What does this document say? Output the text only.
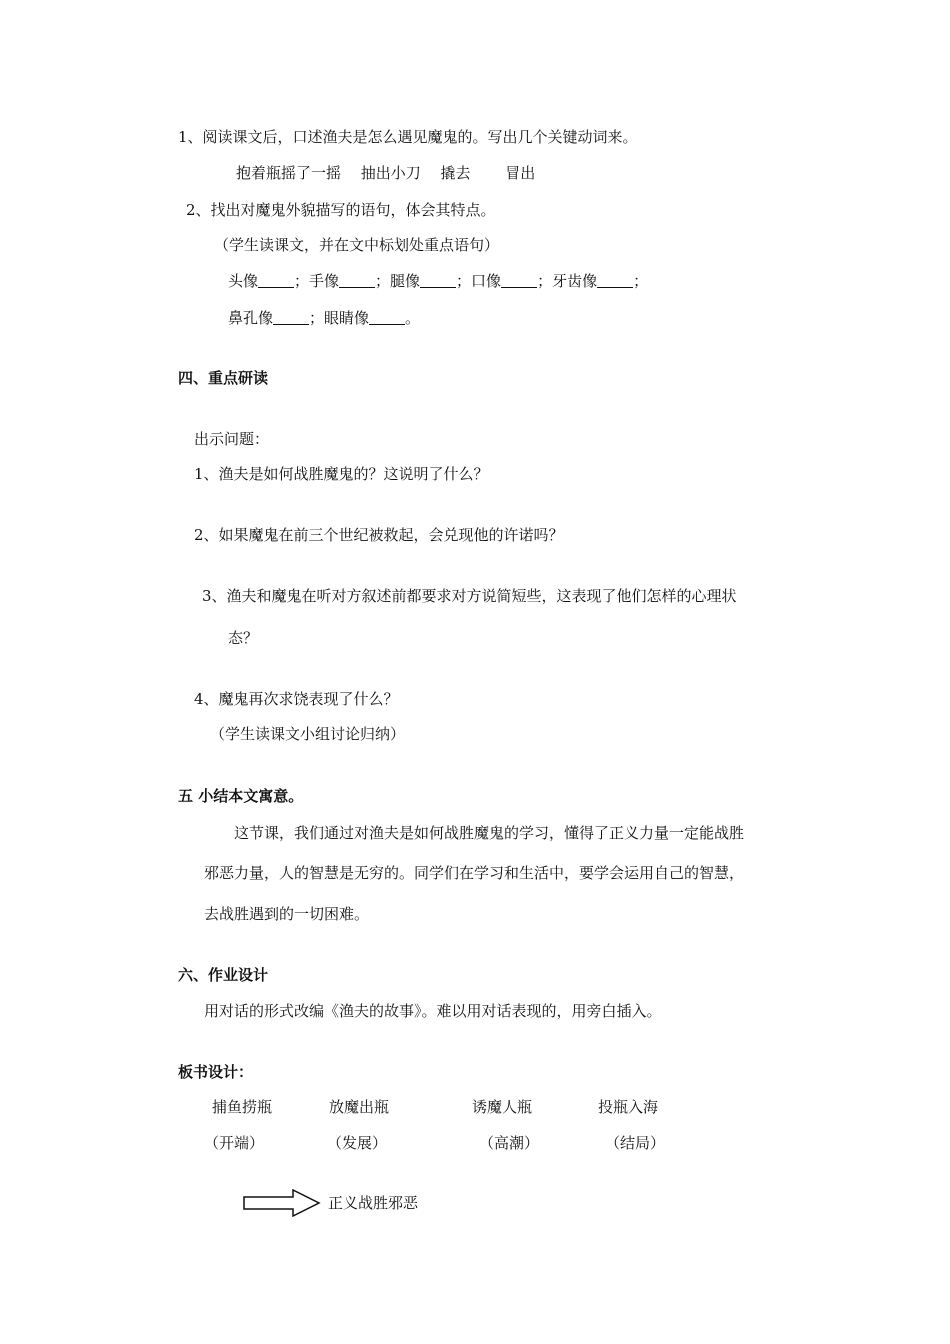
1、阅读课文后，口述渔夫是怎么遇见魔鬼的。写出几个关键动词来。
抱着瓶摇了一摇　 抽出小刀　 撬去　　 冒出
2、找出对魔鬼外貌描写的语句，体会其特点。
（学生读课文，并在文中标划处重点语句）
头像 ；手像 ；腿像 ；口像 ；牙齿像 ；
鼻孔像 ；眼睛像 。
四、重点研读
出示问题：
1、渔夫是如何战胜魔鬼的？这说明了什么？
2、如果魔鬼在前三个世纪被救起，会兑现他的许诺吗？
3、渔夫和魔鬼在听对方叙述前都要求对方说简短些，这表现了他们怎样的心理状
态？
4、魔鬼再次求饶表现了什么？
（学生读课文小组讨论归纳）
五 小结本文寓意。
这节课，我们通过对渔夫是如何战胜魔鬼的学习，懂得了正义力量一定能战胜
邪恶力量，人的智慧是无穷的。同学们在学习和生活中，要学会运用自己的智慧，
去战胜遇到的一切困难。
六、作业设计
用对话的形式改编《渔夫的故事》。难以用对话表现的，用旁白插入。
板书设计：
捕鱼捞瓶	放魔出瓶	诱魔人瓶	投瓶入海
（开端）	（发展）	（高潮）	（结局）
正义战胜邪恶
